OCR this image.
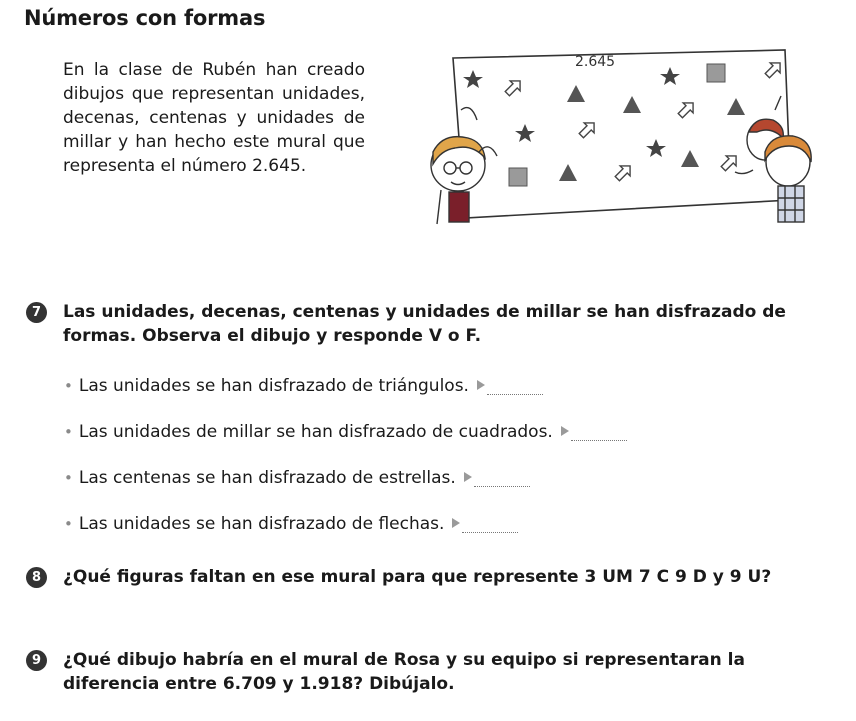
Números con formas
En la clase de Rubén han creado dibujos que representan unidades, decenas, centenas y unidades de millar y han hecho este mural que representa el número 2.645.
2.645
7	Las unidades, decenas, centenas y unidades de millar se han disfrazado de formas. Observa el dibujo y responde V o F.
• Las unidades se han disfrazado de triángulos.
• Las unidades de millar se han disfrazado de cuadrados.
• Las centenas se han disfrazado de estrellas.
• Las unidades se han disfrazado de flechas.
8	¿Qué figuras faltan en ese mural para que represente 3 UM 7 C 9 D y 9 U?
9	¿Qué dibujo habría en el mural de Rosa y su equipo si representaran la diferencia entre 6.709 y 1.918? Dibújalo.
